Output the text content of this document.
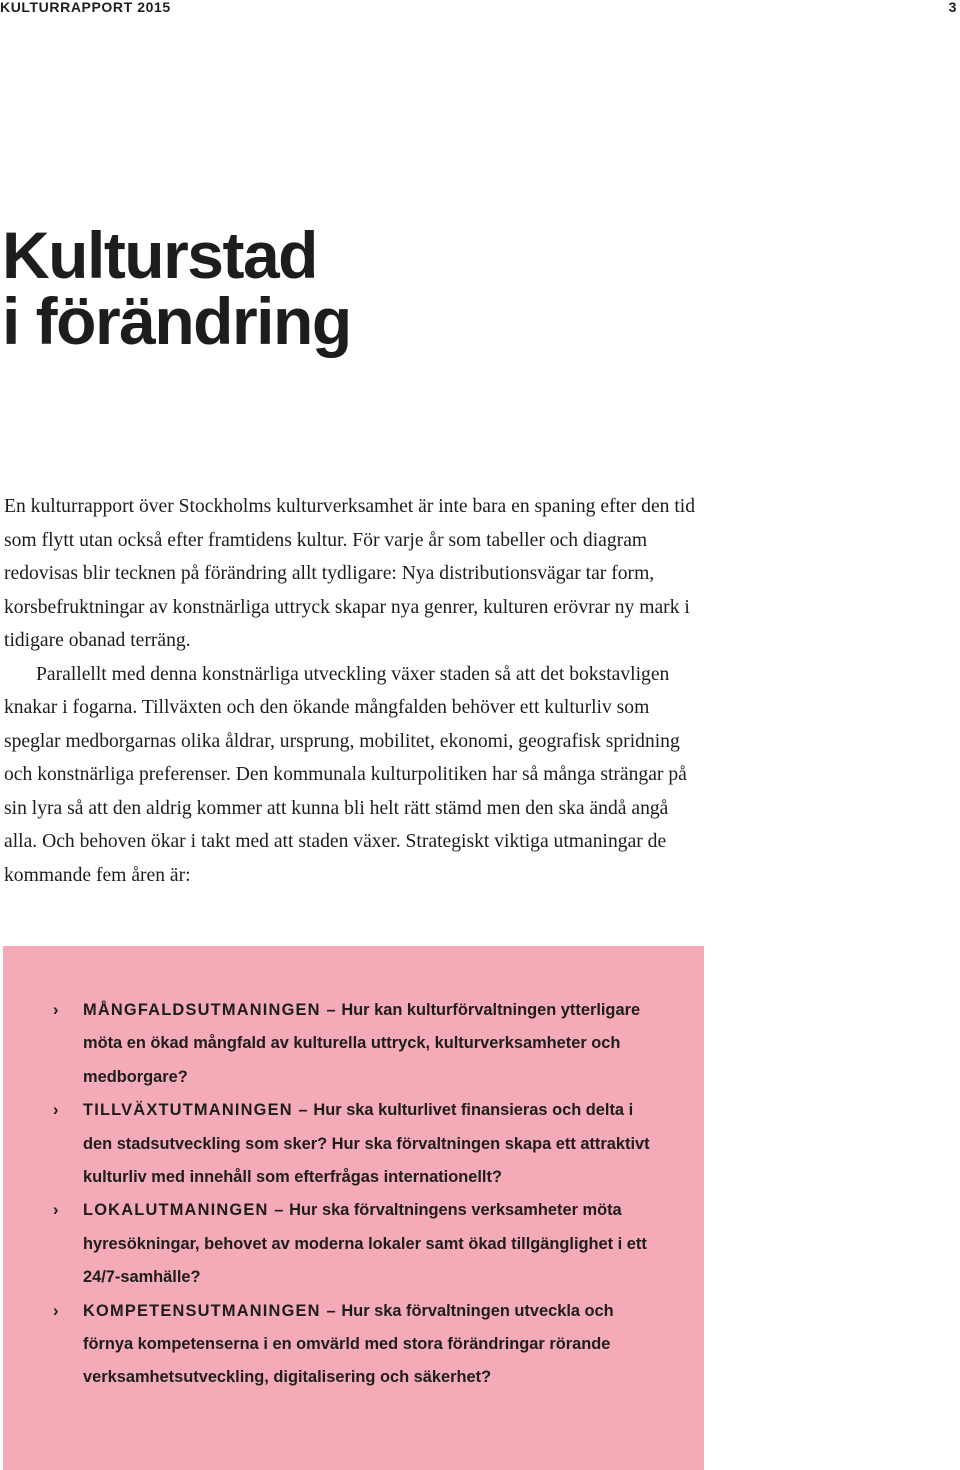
KULTURRAPPORT 2015	3
Kulturstad
i förändring

En kulturrapport över Stockholms kulturverksamhet är inte bara en spaning efter den tid som flytt utan också efter framtidens kultur. För varje år som tabeller och diagram redovisas blir tecknen på förändring allt tydligare: Nya distributionsvägar tar form, korsbefruktningar av konstnärliga uttryck skapar nya genrer, kulturen erövrar ny mark i tidigare obanad terräng.

Parallellt med denna konstnärliga utveckling växer staden så att det bokstavligen knakar i fogarna. Tillväxten och den ökande mångfalden behöver ett kulturliv som speglar medborgarnas olika åldrar, ursprung, mobilitet, ekonomi, geografisk spridning och konstnärliga preferenser. Den kommunala kulturpolitiken har så många strängar på sin lyra så att den aldrig kommer att kunna bli helt rätt stämd men den ska ändå angå alla. Och behoven ökar i takt med att staden växer. Strategiskt viktiga utmaningar de kommande fem åren är:

› MÅNGFALDSUTMANINGEN – Hur kan kulturförvaltningen ytterligare möta en ökad mångfald av kulturella uttryck, kulturverksamheter och medborgare?
› TILLVÄXTUTMANINGEN – Hur ska kulturlivet finansieras och delta i den stadsutveckling som sker? Hur ska förvaltningen skapa ett attraktivt kulturliv med innehåll som efterfrågas internationellt?
› LOKALUTMANINGEN – Hur ska förvaltningens verksamheter möta hyresökningar, behovet av moderna lokaler samt ökad tillgänglighet i ett 24/7-samhälle?
› KOMPETENSUTMANINGEN – Hur ska förvaltningen utveckla och förnya kompetenserna i en omvärld med stora förändringar rörande verksamhetsutveckling, digitalisering och säkerhet?
